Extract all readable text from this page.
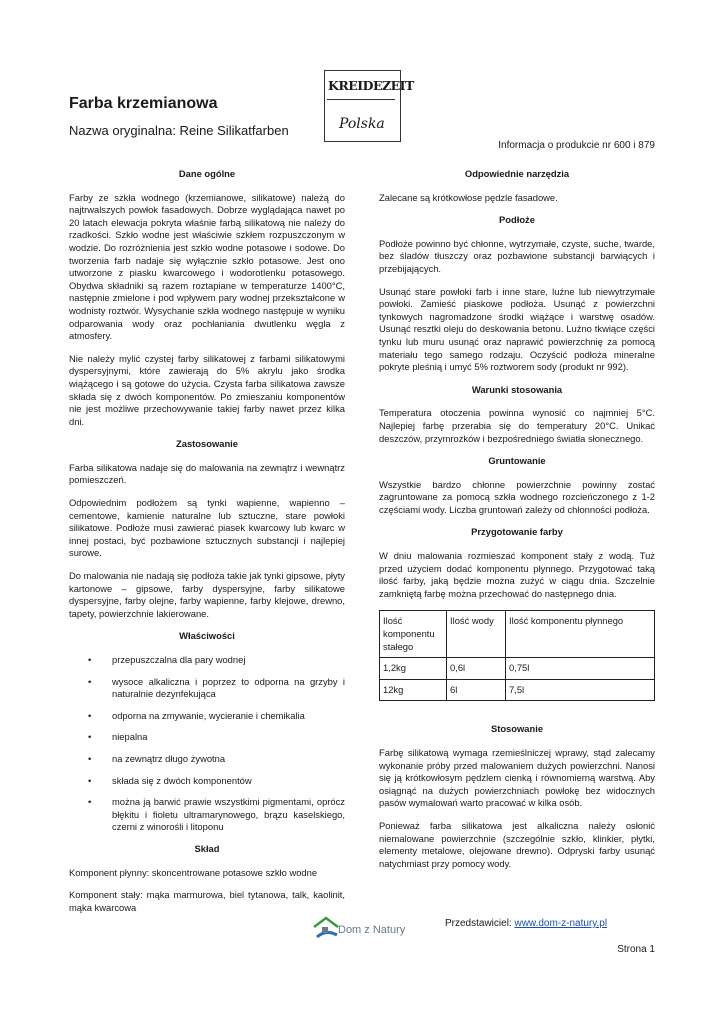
Farba krzemianowa
Nazwa oryginalna: Reine Silikatfarben
KREIDEZEIT
Polska
Informacja o produkcie nr 600 i 879
Dane ogólne
Farby ze szkła wodnego (krzemianowe, silikatowe) należą do najtrwalszych powłok fasadowych. Dobrze wyglądająca nawet po 20 latach elewacja pokryta właśnie farbą silikatową nie należy do rzadkości. Szkło wodne jest właściwie szkłem rozpuszczonym w wodzie. Do rozróżnienia jest szkło wodne potasowe i sodowe. Do tworzenia farb nadaje się wyłącznie szkło potasowe. Jest ono utworzone z piasku kwarcowego i wodorotlenku potasowego. Obydwa składniki są razem roztapiane w temperaturze 1400°C, następnie zmielone i pod wpływem pary wodnej przekształcone w wodnisty roztwór. Wysychanie szkła wodnego następuje w wyniku odparowania wody oraz pochłaniania dwutlenku węgla z atmosfery.
Nie należy mylić czystej farby silikatowej z farbami silikatowymi dyspersyjnymi, które zawierają do 5% akrylu jako środka wiążącego i są gotowe do użycia. Czysta farba silikatowa zawsze składa się z dwóch komponentów. Po zmieszaniu komponentów nie jest możliwe przechowywanie takiej farby nawet przez kilka dni.
Zastosowanie
Farba silikatowa nadaje się do malowania na zewnątrz i wewnątrz pomieszczeń.
Odpowiednim podłożem są tynki wapienne, wapienno – cementowe, kamienie naturalne lub sztuczne, stare powłoki silikatowe. Podłoże musi zawierać piasek kwarcowy lub kwarc w innej postaci, być pozbawione sztucznych substancji i najlepiej surowe.
Do malowania nie nadają się podłoża takie jak tynki gipsowe, płyty kartonowe – gipsowe, farby dyspersyjne, farby silikatowe dyspersyjne, farby olejne, farby wapienne, farby klejowe, drewno, tapety, powierzchnie lakierowane.
Właściwości
• przepuszczalna dla pary wodnej
• wysoce alkaliczna i poprzez to odporna na grzyby i naturalnie dezynfekująca
• odporna na zmywanie, wycieranie i chemikalia
• niepalna
• na zewnątrz długo żywotna
• składa się z dwóch komponentów
• można ją barwić prawie wszystkimi pigmentami, oprócz błękitu i fioletu ultramarynowego, brązu kaselskiego, czerni z winorośli i litoponu
Skład
Komponent płynny: skoncentrowane potasowe szkło wodne
Komponent stały: mąka marmurowa, biel tytanowa, talk, kaolinit, mąka kwarcowa
Odpowiednie narzędzia
Zalecane są krótkowłose pędzle fasadowe.
Podłoże
Podłoże powinno być chłonne, wytrzymałe, czyste, suche, twarde, bez śladów tłuszczy oraz pozbawione substancji barwiących i przebijających.
Usunąć stare powłoki farb i inne stare, luźne lub niewytrzymałe powłoki. Zamieść piaskowe podłoża. Usunąć z powierzchni tynkowych nagromadzone środki wiążące i warstwę osadów. Usunąć resztki oleju do deskowania betonu. Luźno tkwiące części tynku lub muru usunąć oraz naprawić powierzchnię za pomocą materiału tego samego rodzaju. Oczyścić podłoża mineralne pokryte pleśnią i umyć 5% roztworem sody (produkt nr 992).
Warunki stosowania
Temperatura otoczenia powinna wynosić co najmniej 5°C. Najlepiej farbę przerabia się do temperatury 20°C. Unikać deszczów, przymrozków i bezpośredniego światła słonecznego.
Gruntowanie
Wszystkie bardzo chłonne powierzchnie powinny zostać zagruntowane za pomocą szkła wodnego rozcieńczonego z 1-2 częściami wody. Liczba gruntowań zależy od chłonności podłoża.
Przygotowanie farby
W dniu malowania rozmieszać komponent stały z wodą. Tuż przed użyciem dodać komponentu płynnego. Przygotować taką ilość farby, jaką będzie można zużyć w ciągu dnia. Szczelnie zamkniętą farbę można przechować do następnego dnia.
Ilość komponentu stałego	Ilość wody	Ilość komponentu płynnego
1,2kg	0,6l	0,75l
12kg	6l	7,5l
Stosowanie
Farbę silikatową wymaga rzemieślniczej wprawy, stąd zalecamy wykonanie próby przed malowaniem dużych powierzchni. Nanosi się ją krótkowłosym pędzlem cienką i równomierną warstwą. Aby osiągnąć na dużych powierzchniach powłokę bez widocznych pasów wymalowań warto pracować w kilka osób.
Ponieważ farba silikatowa jest alkaliczna należy osłonić niemalowane powierzchnie (szczególnie szkło, klinkier, płytki, elementy metalowe, olejowane drewno). Odpryski farby usunąć natychmiast przy pomocy wody.
Dom z Natury
Przedstawiciel: www.dom-z-natury.pl
Strona 1
